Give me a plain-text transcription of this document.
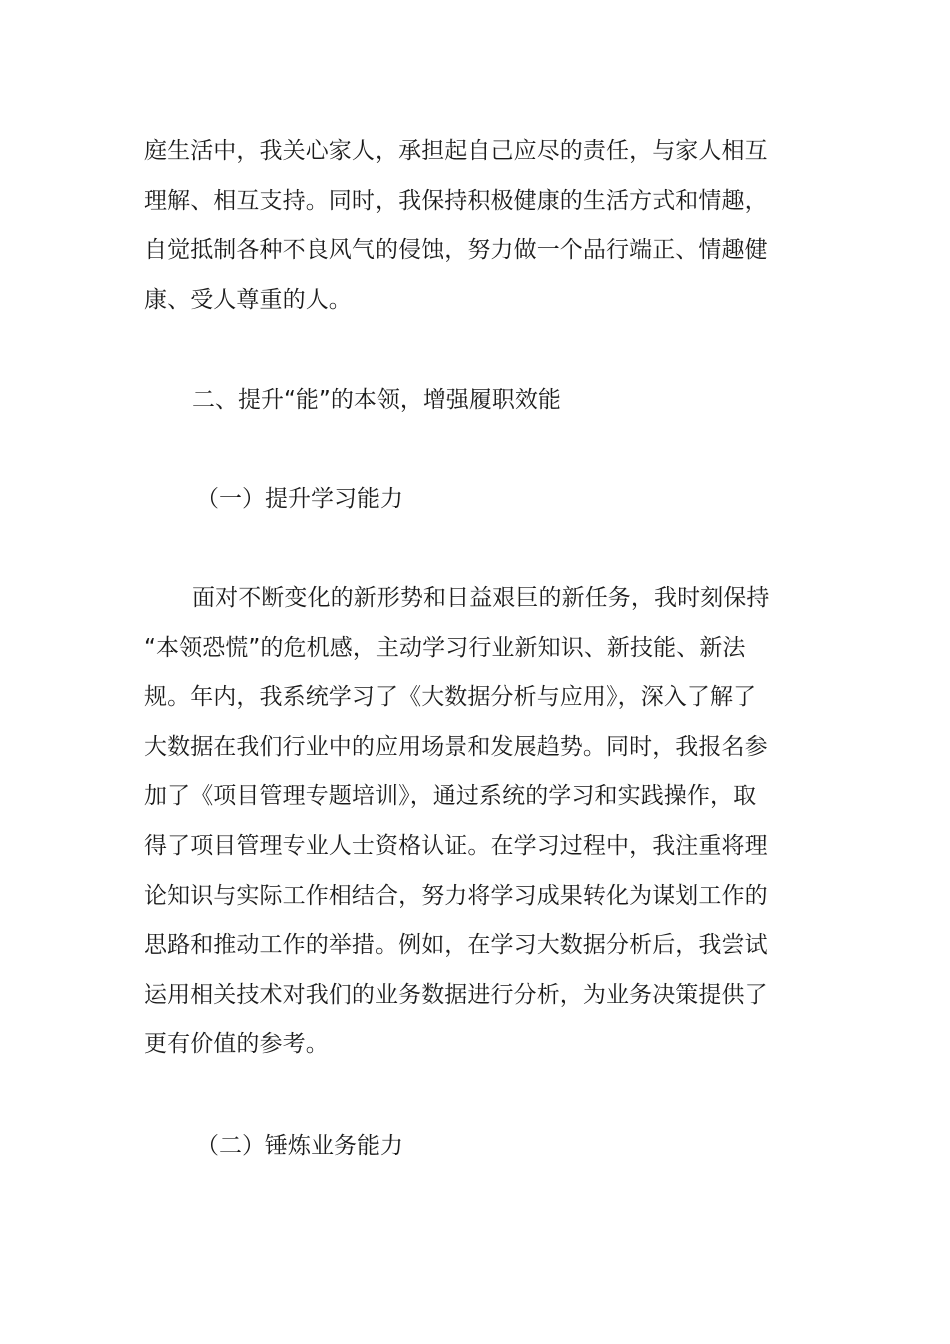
庭生活中，我关心家人，承担起自己应尽的责任，与家人相互
理解、相互支持。同时，我保持积极健康的生活方式和情趣，
自觉抵制各种不良风气的侵蚀，努力做一个品行端正、情趣健
康、受人尊重的人。
二、提升“能”的本领，增强履职效能
（一）提升学习能力
面对不断变化的新形势和日益艰巨的新任务，我时刻保持
“本领恐慌”的危机感，主动学习行业新知识、新技能、新法
规。年内，我系统学习了《大数据分析与应用》，深入了解了
大数据在我们行业中的应用场景和发展趋势。同时，我报名参
加了《项目管理专题培训》，通过系统的学习和实践操作，取
得了项目管理专业人士资格认证。在学习过程中，我注重将理
论知识与实际工作相结合，努力将学习成果转化为谋划工作的
思路和推动工作的举措。例如，在学习大数据分析后，我尝试
运用相关技术对我们的业务数据进行分析，为业务决策提供了
更有价值的参考。
（二）锤炼业务能力
